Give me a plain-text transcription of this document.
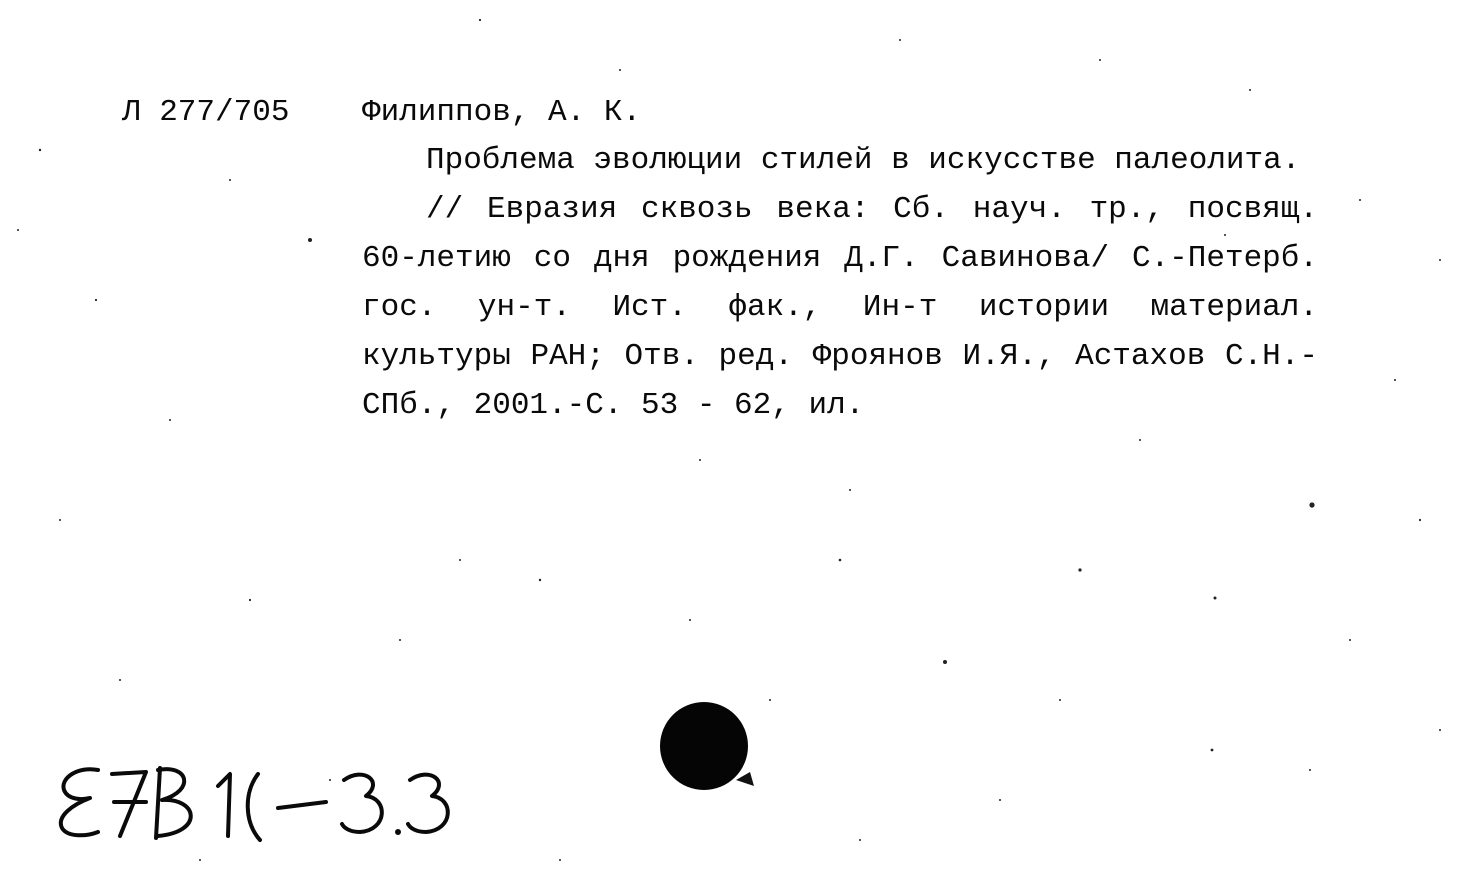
Л 277/705 Филиппов, А. К.

Проблема эволюции стилей в искусстве палеолита.

// Евразия сквозь века: Сб. науч. тр., посвящ. 60-летию со дня рождения Д.Г. Савинова/ С.-Петерб. гос. ун-т. Ист. фак., Ин-т истории материал. культуры РАН; Отв. ред. Фроянов И.Я., Астахов С.Н.- СПб., 2001.-С. 53 - 62, ил.
